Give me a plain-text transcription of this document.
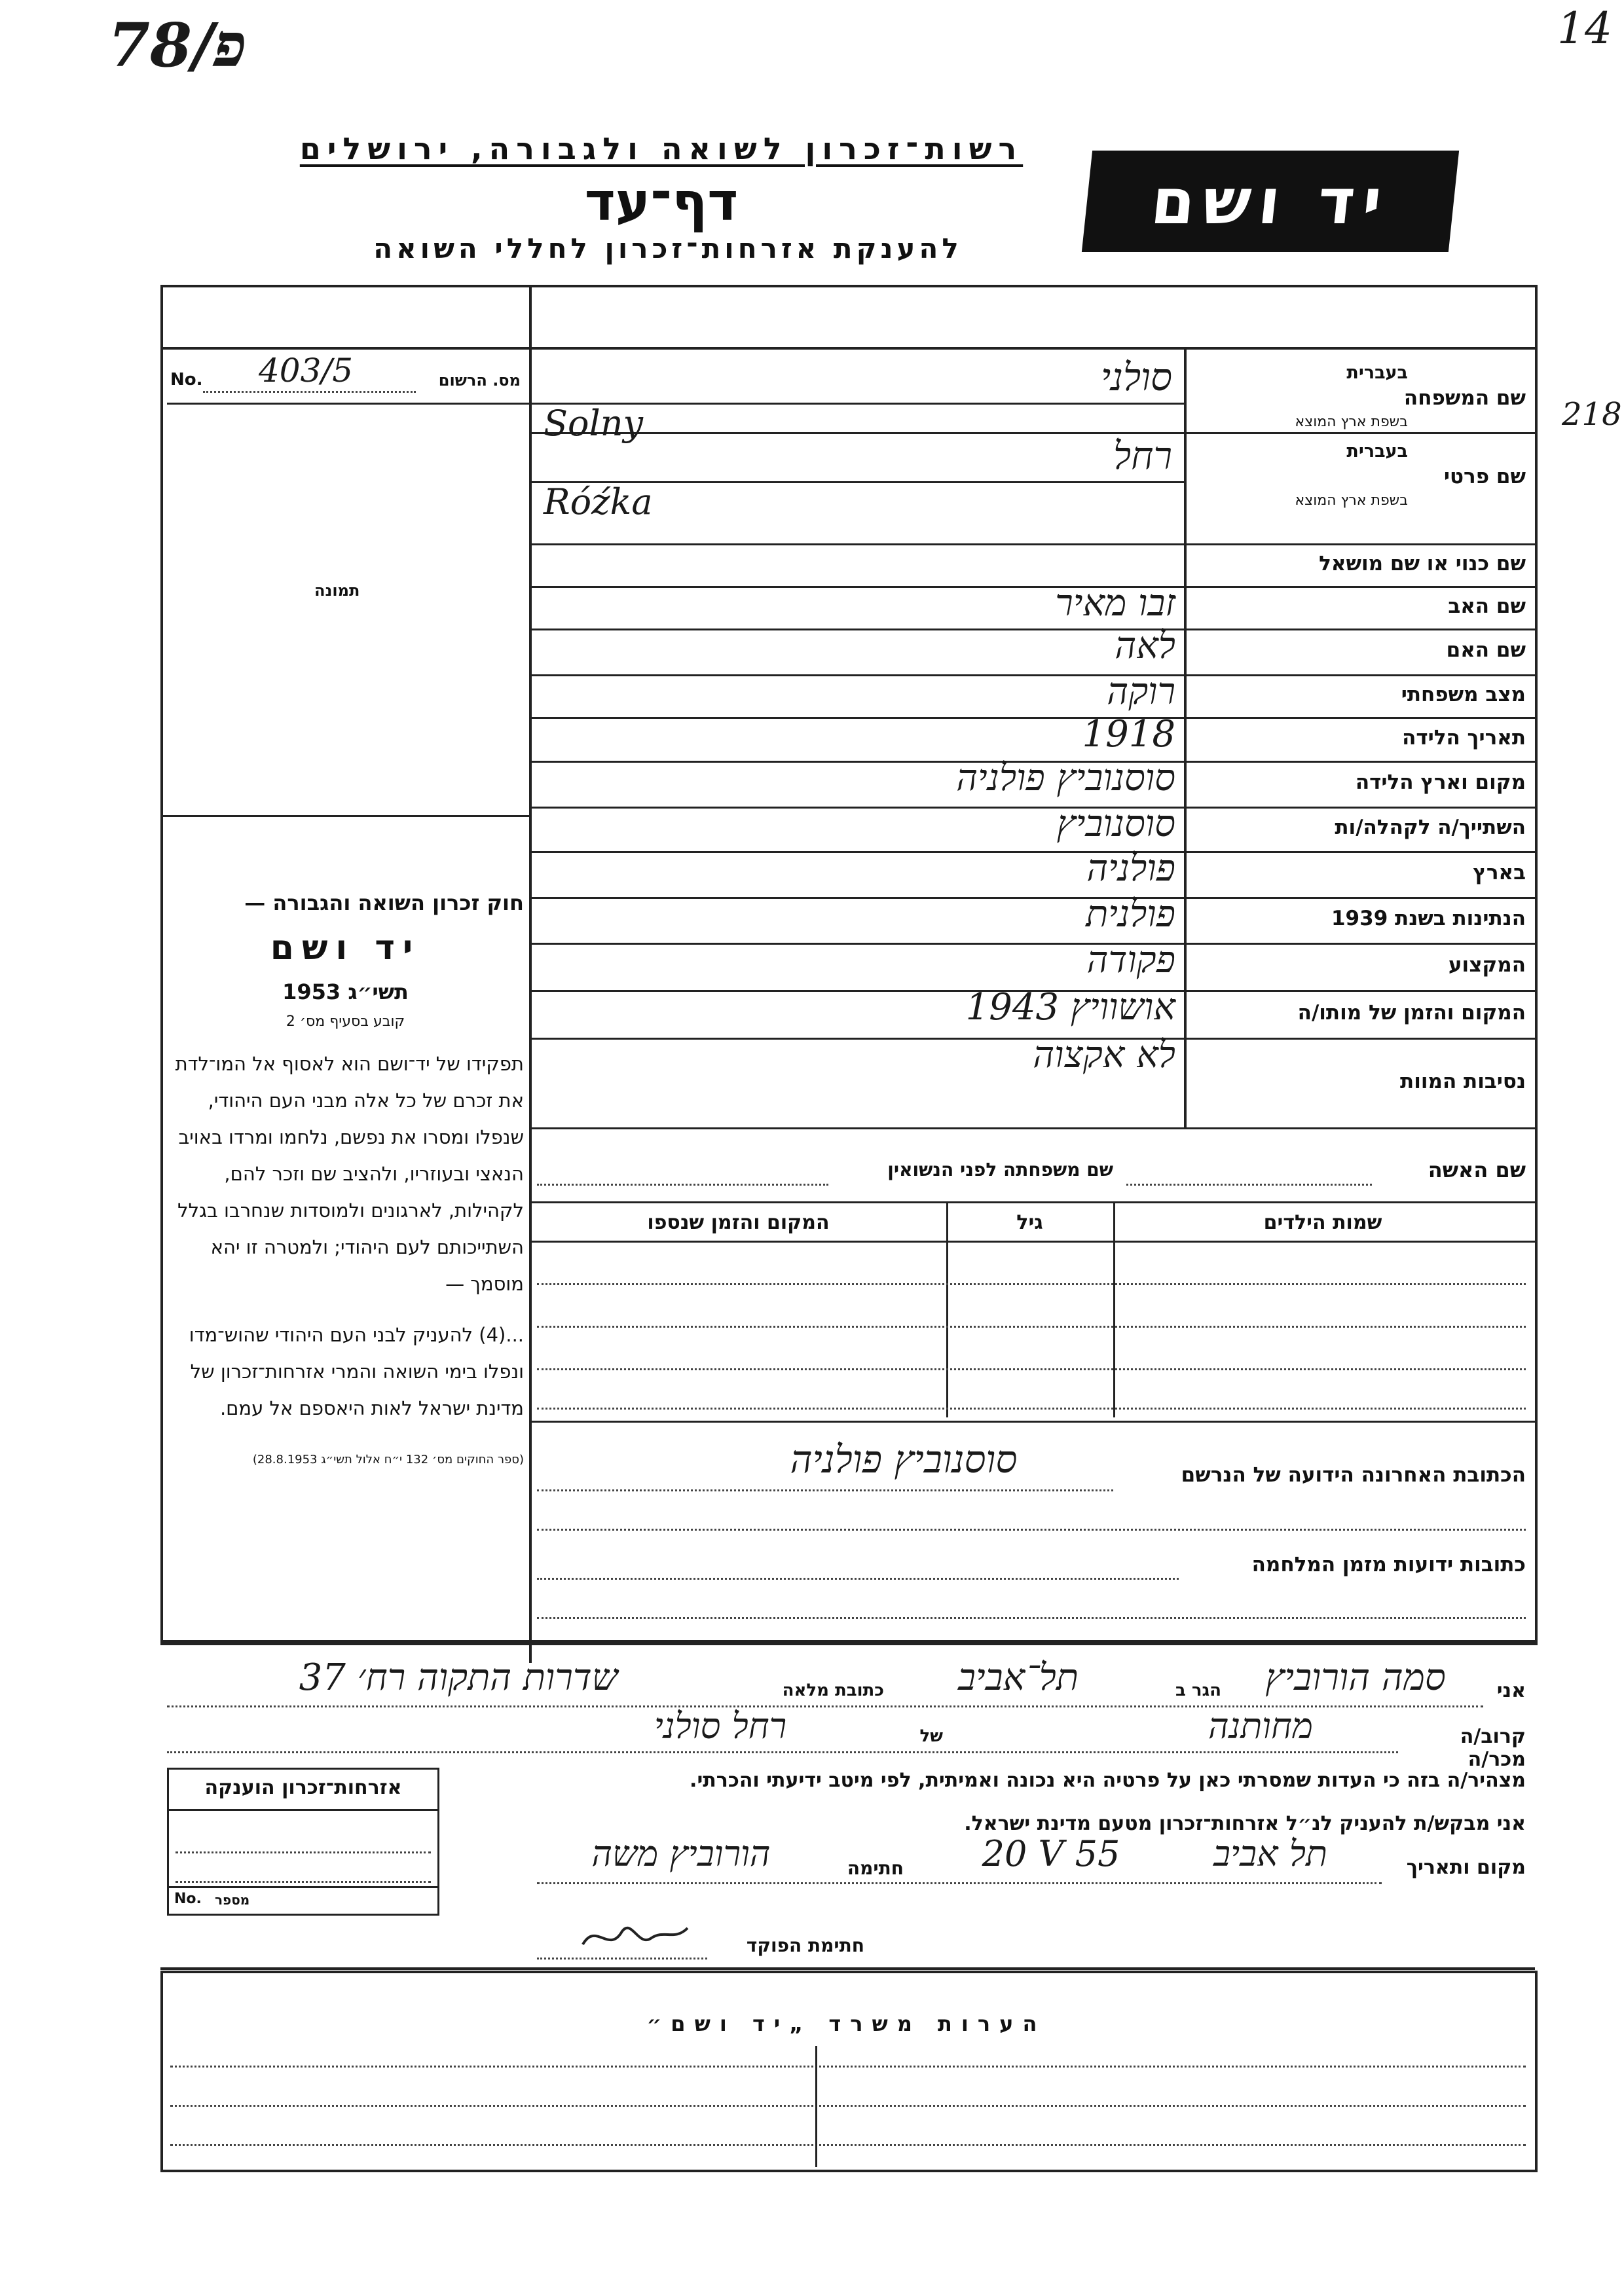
78/פ	14
218
רשות־זכרון לשואה ולגבורה, ירושלים
דף־עד
להענקת אזרחות־זכרון לחללי השואה
יד ושם
No. 403/5	מס. הרשום
תמונה
שם המשפחה
בעברית
בשפת ארץ המוצא
סולני
Solny
שם פרטי
בעברית
בשפת ארץ המוצא
רחל
Róźka
שם כנוי או שם מושאל
שם האב
זבו מאיר
שם האם
לאה
מצב משפחתי
רוקה
תאריך הלידה
1918
מקום וארץ הלידה
סוסנוביץ פולניה
השתייך/ה לקהלה/ות
סוסנוביץ
בארץ
פולניה
הנתינות בשנת 1939
פולנית
המקצוע
פקודה
המקום והזמן של מותו/ה
אושוויץ 1943
נסיבות המוות
לא אקצוה
חוק זכרון השואה והגבורה —
יד ושם
תשי״ג 1953
קובע בסעיף מס׳ 2
תפקידו של יד־ושם הוא לאסוף אל המו־לדת את זכרם של כל אלה מבני העם היהודי, שנפלו ומסרו את נפשם, נלחמו ומרדו באויב הנאצי ובעוזריו, ולהציב שם וזכר להם, לקהילות, לארגונים ולמוסדות שנחרבו בגלל השתייכותם לעם היהודי; ולמטרה זו יהא מוסמך —
...(4) להעניק לבני העם היהודי שהוש־מדו ונפלו בימי השואה והמרי אזרחות־זכרון של מדינת ישראל לאות היאספם אל עמם.
(ספר החוקים מס׳ 132 י״ח אלול תשי״ג 28.8.1953)
שם האשה
שם משפחתה לפני הנשואין
שמות הילדים
גיל
המקום והזמן שנספו
הכתובת האחרונה הידועה של הנרשם
סוסנוביץ פולניה
כתובות ידועות מזמן המלחמה
אני
סמה הורוביץ
הגר ב
תל־אביב
כתובת מלאה
שדרות התקוה רח׳ 37
קרוב/ה מכר/ה
מחותנה
של
רחל סולני
מצהיר/ה בזה כי העדות שמסרתי כאן על פרטיה היא נכונה ואמיתית, לפי מיטב ידיעתי והכרתי.
אני מבקש/ת להעניק לנ״ל אזרחות־זכרון מטעם מדינת ישראל.
מקום ותאריך
תל אביב
20 V 55
חתימה
הורוביץ משה
חתימת הפוקד
אזרחות־זכרון הוענקה
No. מספר
הערות משרד „יד ושם״
